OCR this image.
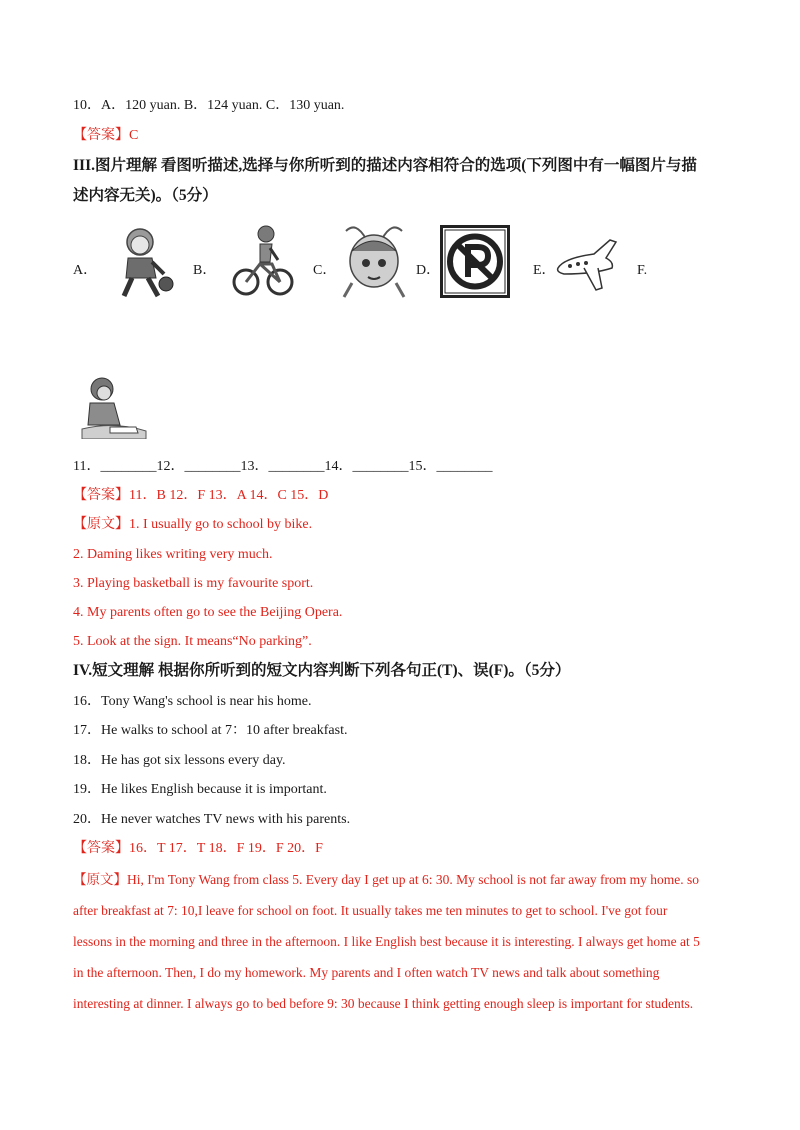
10．A．120 yuan. B．124 yuan. C．130 yuan.
【答案】C
III.图片理解 看图听描述,选择与你所听到的描述内容相符合的选项(下列图中有一幅图片与描
述内容无关)。（5分）
A．	B．	C．	D．	E．	F.
11．________12．________13．________14．________15．________
【答案】11．B 12．F 13．A 14．C 15．D
【原文】1. I usually go to school by bike.
2. Daming likes writing very much.
3. Playing basketball is my favourite sport.
4. My parents often go to see the Beijing Opera.
5. Look at the sign. It means“No parking”.
IV.短文理解 根据你所听到的短文内容判断下列各句正(T)、误(F)。（5分）
16．Tony Wang's school is near his home.
17．He walks to school at 7：10 after breakfast.
18．He has got six lessons every day.
19．He likes English because it is important.
20．He never watches TV news with his parents.
【答案】16．T 17．T 18．F 19．F 20．F
【原文】Hi, I'm Tony Wang from class 5. Every day I get up at 6: 30. My school is not far away from my home. so
after breakfast at 7: 10,I leave for school on foot. It usually takes me ten minutes to get to school. I've got four
lessons in the morning and three in the afternoon. I like English best because it is interesting. I always get home at 5
in the afternoon. Then, I do my homework. My parents and I often watch TV news and talk about something
interesting at dinner. I always go to bed before 9: 30 because I think getting enough sleep is important for students.
